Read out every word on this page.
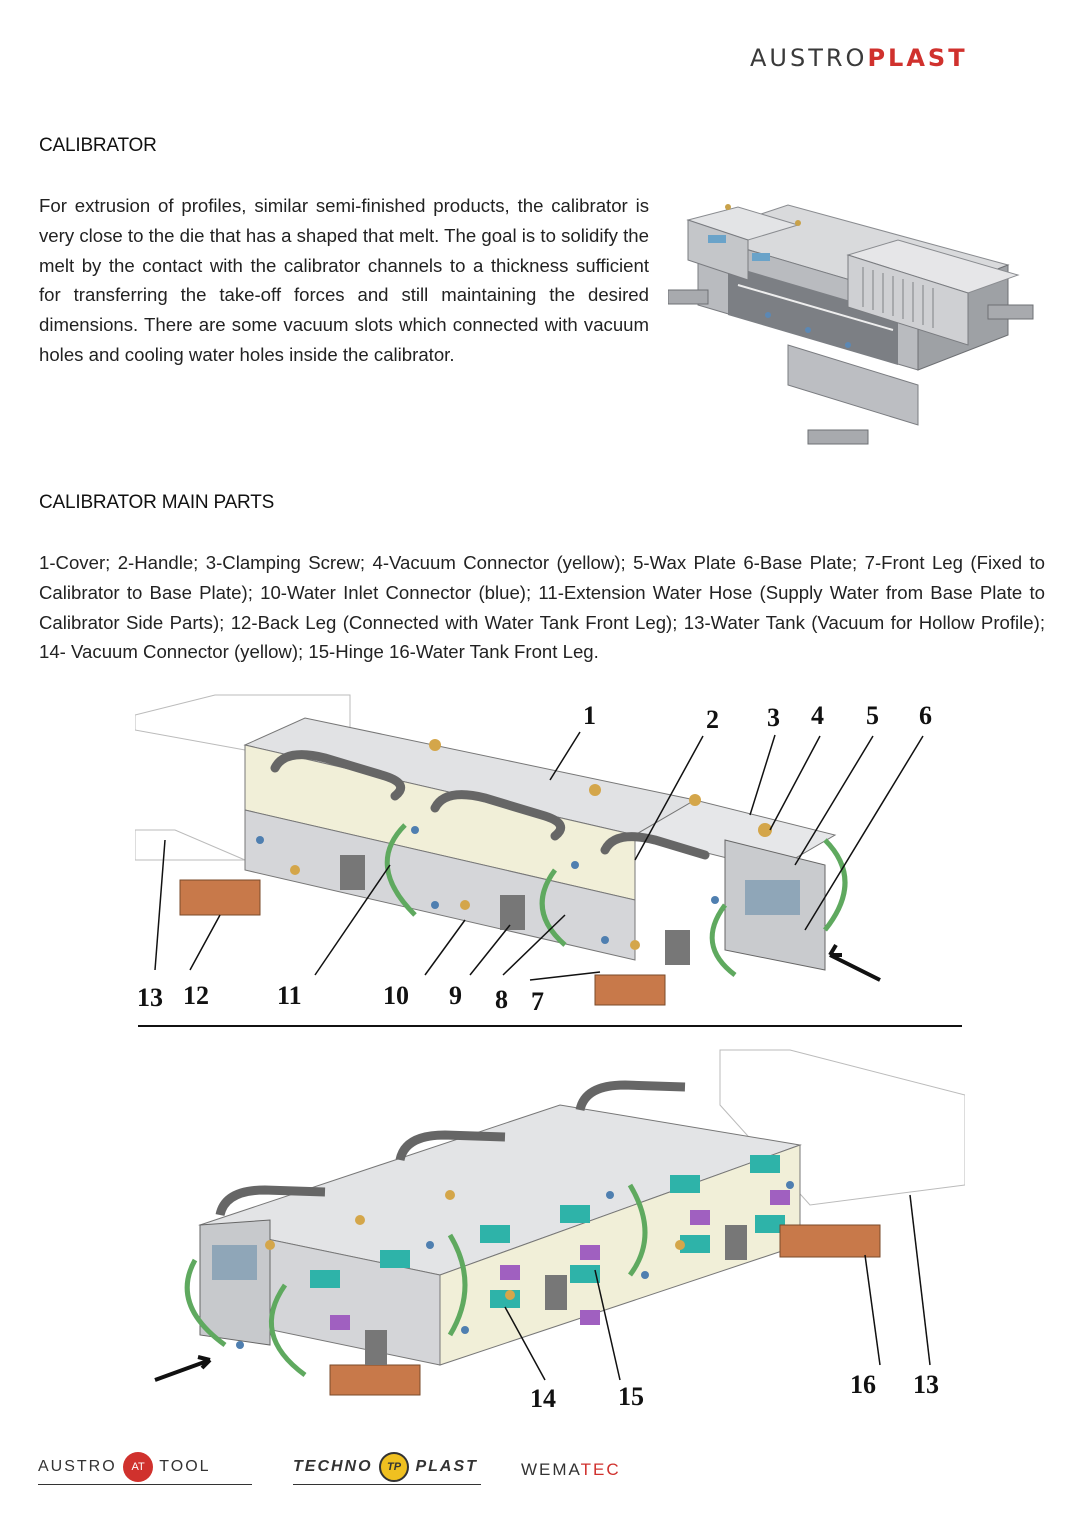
AUSTROPLAST
CALIBRATOR
For extrusion of profiles, similar semi-finished products, the calibrator is very close to the die that has a shaped that melt. The goal is to solidify the melt by the contact with the calibrator channels to a thickness sufficient for transferring the take-off forces and still maintaining the desired dimensions. There are some vacuum slots which connected with vacuum holes and cooling water holes inside the calibrator.
CALIBRATOR MAIN PARTS
1-Cover; 2-Handle; 3-Clamping Screw; 4-Vacuum Connector (yellow); 5-Wax Plate 6-Base Plate; 7-Front Leg (Fixed to Calibrator to Base Plate); 10-Water Inlet Connector (blue); 11-Extension Water Hose (Supply Water from Base Plate to Calibrator Side Parts); 12-Back Leg (Connected with Water Tank Front Leg); 13-Water Tank (Vacuum for Hollow Profile); 14- Vacuum Connector (yellow); 15-Hinge 16-Water Tank Front Leg.
1	2 3 4 5 6
7
8
9
10
11
12
13
14 15	16 13
AUSTRO AT TOOL	TECHNO TP PLAST	WEMATEC
